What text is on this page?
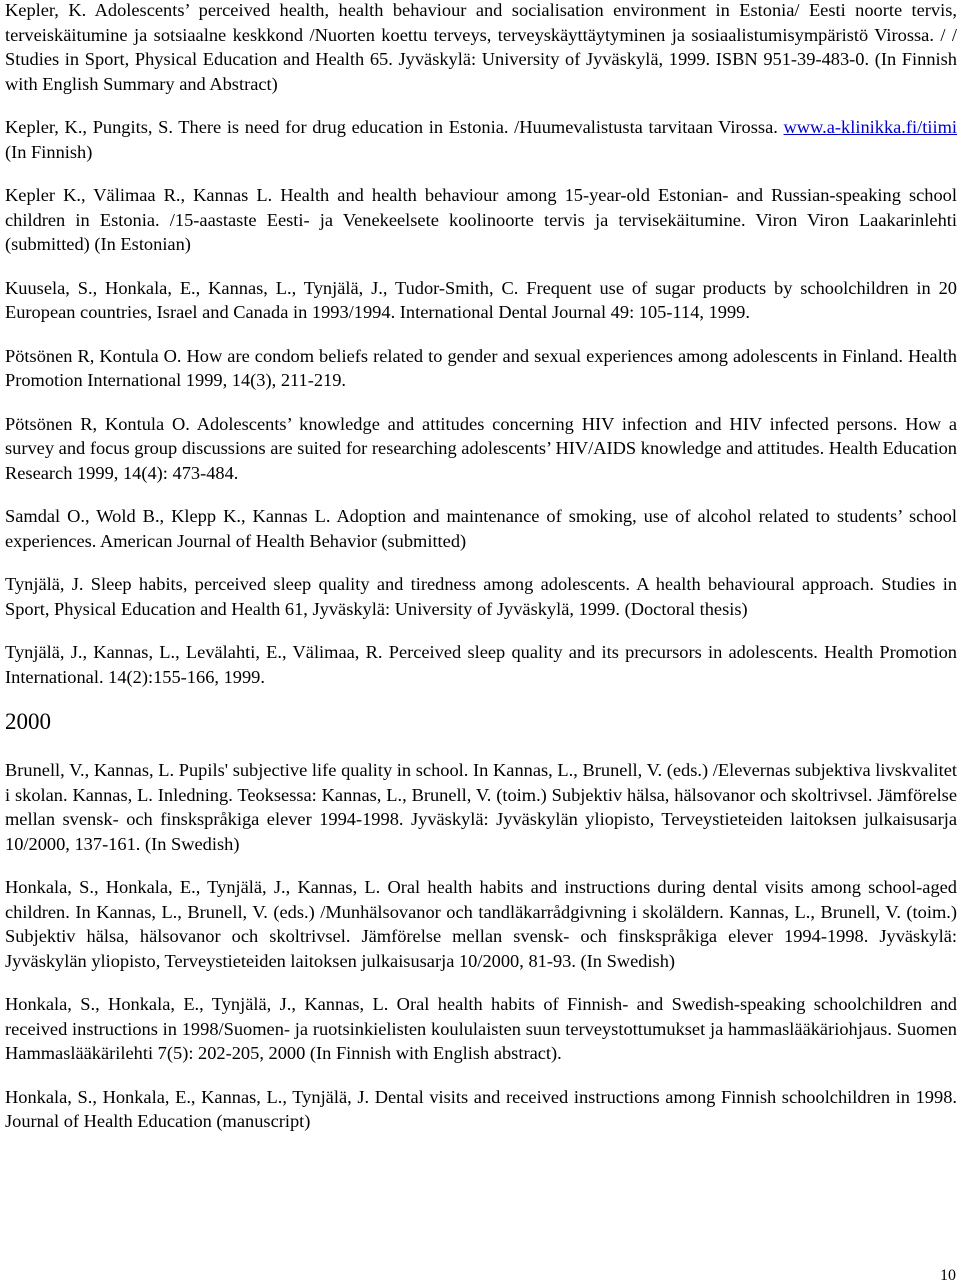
Kepler, K. Adolescents’ perceived health, health behaviour and socialisation environment in Estonia/ Eesti noorte tervis, terveiskäitumine ja sotsiaalne keskkond /Nuorten koettu terveys, terveyskäyttäytyminen ja sosiaalistumisympäristö Virossa. / / Studies in Sport, Physical Education and Health 65. Jyväskylä: University of Jyväskylä, 1999. ISBN 951-39-483-0. (In Finnish with English Summary and Abstract)

Kepler, K., Pungits, S. There is need for drug education in Estonia. /Huumevalistusta tarvitaan Virossa. www.a-klinikka.fi/tiimi (In Finnish)

Kepler K., Välimaa R., Kannas L. Health and health behaviour among 15-year-old Estonian- and Russian-speaking school children in Estonia. /15-aastaste Eesti- ja Venekeelsete koolinoorte tervis ja tervisekäitumine. Viron Viron Laakarinlehti (submitted) (In Estonian)

Kuusela, S., Honkala, E., Kannas, L., Tynjälä, J., Tudor-Smith, C. Frequent use of sugar products by schoolchildren in 20 European countries, Israel and Canada in 1993/1994. International Dental Journal 49: 105-114, 1999.

Pötsönen R, Kontula O. How are condom beliefs related to gender and sexual experiences among adolescents in Finland. Health Promotion International 1999, 14(3), 211-219.

Pötsönen R, Kontula O. Adolescents’ knowledge and attitudes concerning HIV infection and HIV infected persons. How a survey and focus group discussions are suited for researching adolescents’ HIV/AIDS knowledge and attitudes. Health Education Research 1999, 14(4): 473-484.

Samdal O., Wold B., Klepp K., Kannas L. Adoption and maintenance of smoking, use of alcohol related to students’ school experiences. American Journal of Health Behavior (submitted)

Tynjälä, J. Sleep habits, perceived sleep quality and tiredness among adolescents. A health behavioural approach. Studies in Sport, Physical Education and Health 61, Jyväskylä: University of Jyväskylä, 1999. (Doctoral thesis)

Tynjälä, J., Kannas, L., Levälahti, E., Välimaa, R. Perceived sleep quality and its precursors in adolescents. Health Promotion International. 14(2):155-166, 1999.

2000

Brunell, V., Kannas, L. Pupils' subjective life quality in school. In Kannas, L., Brunell, V. (eds.) /Elevernas subjektiva livskvalitet i skolan. Kannas, L. Inledning. Teoksessa: Kannas, L., Brunell, V. (toim.) Subjektiv hälsa, hälsovanor och skoltrivsel. Jämförelse mellan svensk- och finskspråkiga elever 1994-1998. Jyväskylä: Jyväskylän yliopisto, Terveystieteiden laitoksen julkaisusarja 10/2000, 137-161. (In Swedish)

Honkala, S., Honkala, E., Tynjälä, J., Kannas, L. Oral health habits and instructions during dental visits among school-aged children. In Kannas, L., Brunell, V. (eds.) /Munhälsovanor och tandläkarrådgivning i skoläldern. Kannas, L., Brunell, V. (toim.) Subjektiv hälsa, hälsovanor och skoltrivsel. Jämförelse mellan svensk- och finskspråkiga elever 1994-1998. Jyväskylä: Jyväskylän yliopisto, Terveystieteiden laitoksen julkaisusarja 10/2000, 81-93. (In Swedish)

Honkala, S., Honkala, E., Tynjälä, J., Kannas, L. Oral health habits of Finnish- and Swedish-speaking schoolchildren and received instructions in 1998/Suomen- ja ruotsinkielisten koululaisten suun terveystottumukset ja hammaslääkäriohjaus. Suomen Hammaslääkärilehti 7(5): 202-205, 2000 (In Finnish with English abstract).

Honkala, S., Honkala, E., Kannas, L., Tynjälä, J. Dental visits and received instructions among Finnish schoolchildren in 1998. Journal of Health Education (manuscript)

10
